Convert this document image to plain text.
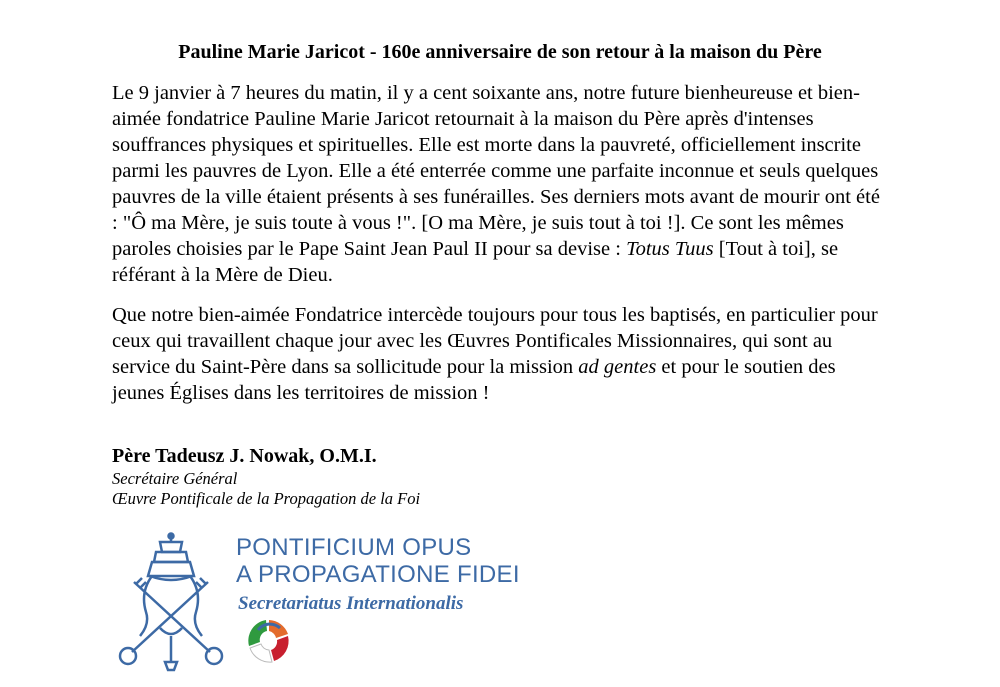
Pauline Marie Jaricot - 160e anniversaire de son retour à la maison du Père

Le 9 janvier à 7 heures du matin, il y a cent soixante ans, notre future bienheureuse et bien-
aimée fondatrice Pauline Marie Jaricot retournait à la maison du Père après d'intenses
souffrances physiques et spirituelles. Elle est morte dans la pauvreté, officiellement inscrite
parmi les pauvres de Lyon. Elle a été enterrée comme une parfaite inconnue et seuls quelques
pauvres de la ville étaient présents à ses funérailles. Ses derniers mots avant de mourir ont été
: "Ô ma Mère, je suis toute à vous !". [O ma Mère, je suis tout à toi !]. Ce sont les mêmes
paroles choisies par le Pape Saint Jean Paul II pour sa devise : Totus Tuus [Tout à toi], se
référant à la Mère de Dieu.

Que notre bien-aimée Fondatrice intercède toujours pour tous les baptisés, en particulier pour
ceux qui travaillent chaque jour avec les Œuvres Pontificales Missionnaires, qui sont au
service du Saint-Père dans sa sollicitude pour la mission ad gentes et pour le soutien des
jeunes Églises dans les territoires de mission !

Père Tadeusz J. Nowak, O.M.I.
Secrétaire Général
Œuvre Pontificale de la Propagation de la Foi
PONTIFICIUM OPUS
A PROPAGATIONE FIDEI
Secretariatus Internationalis
